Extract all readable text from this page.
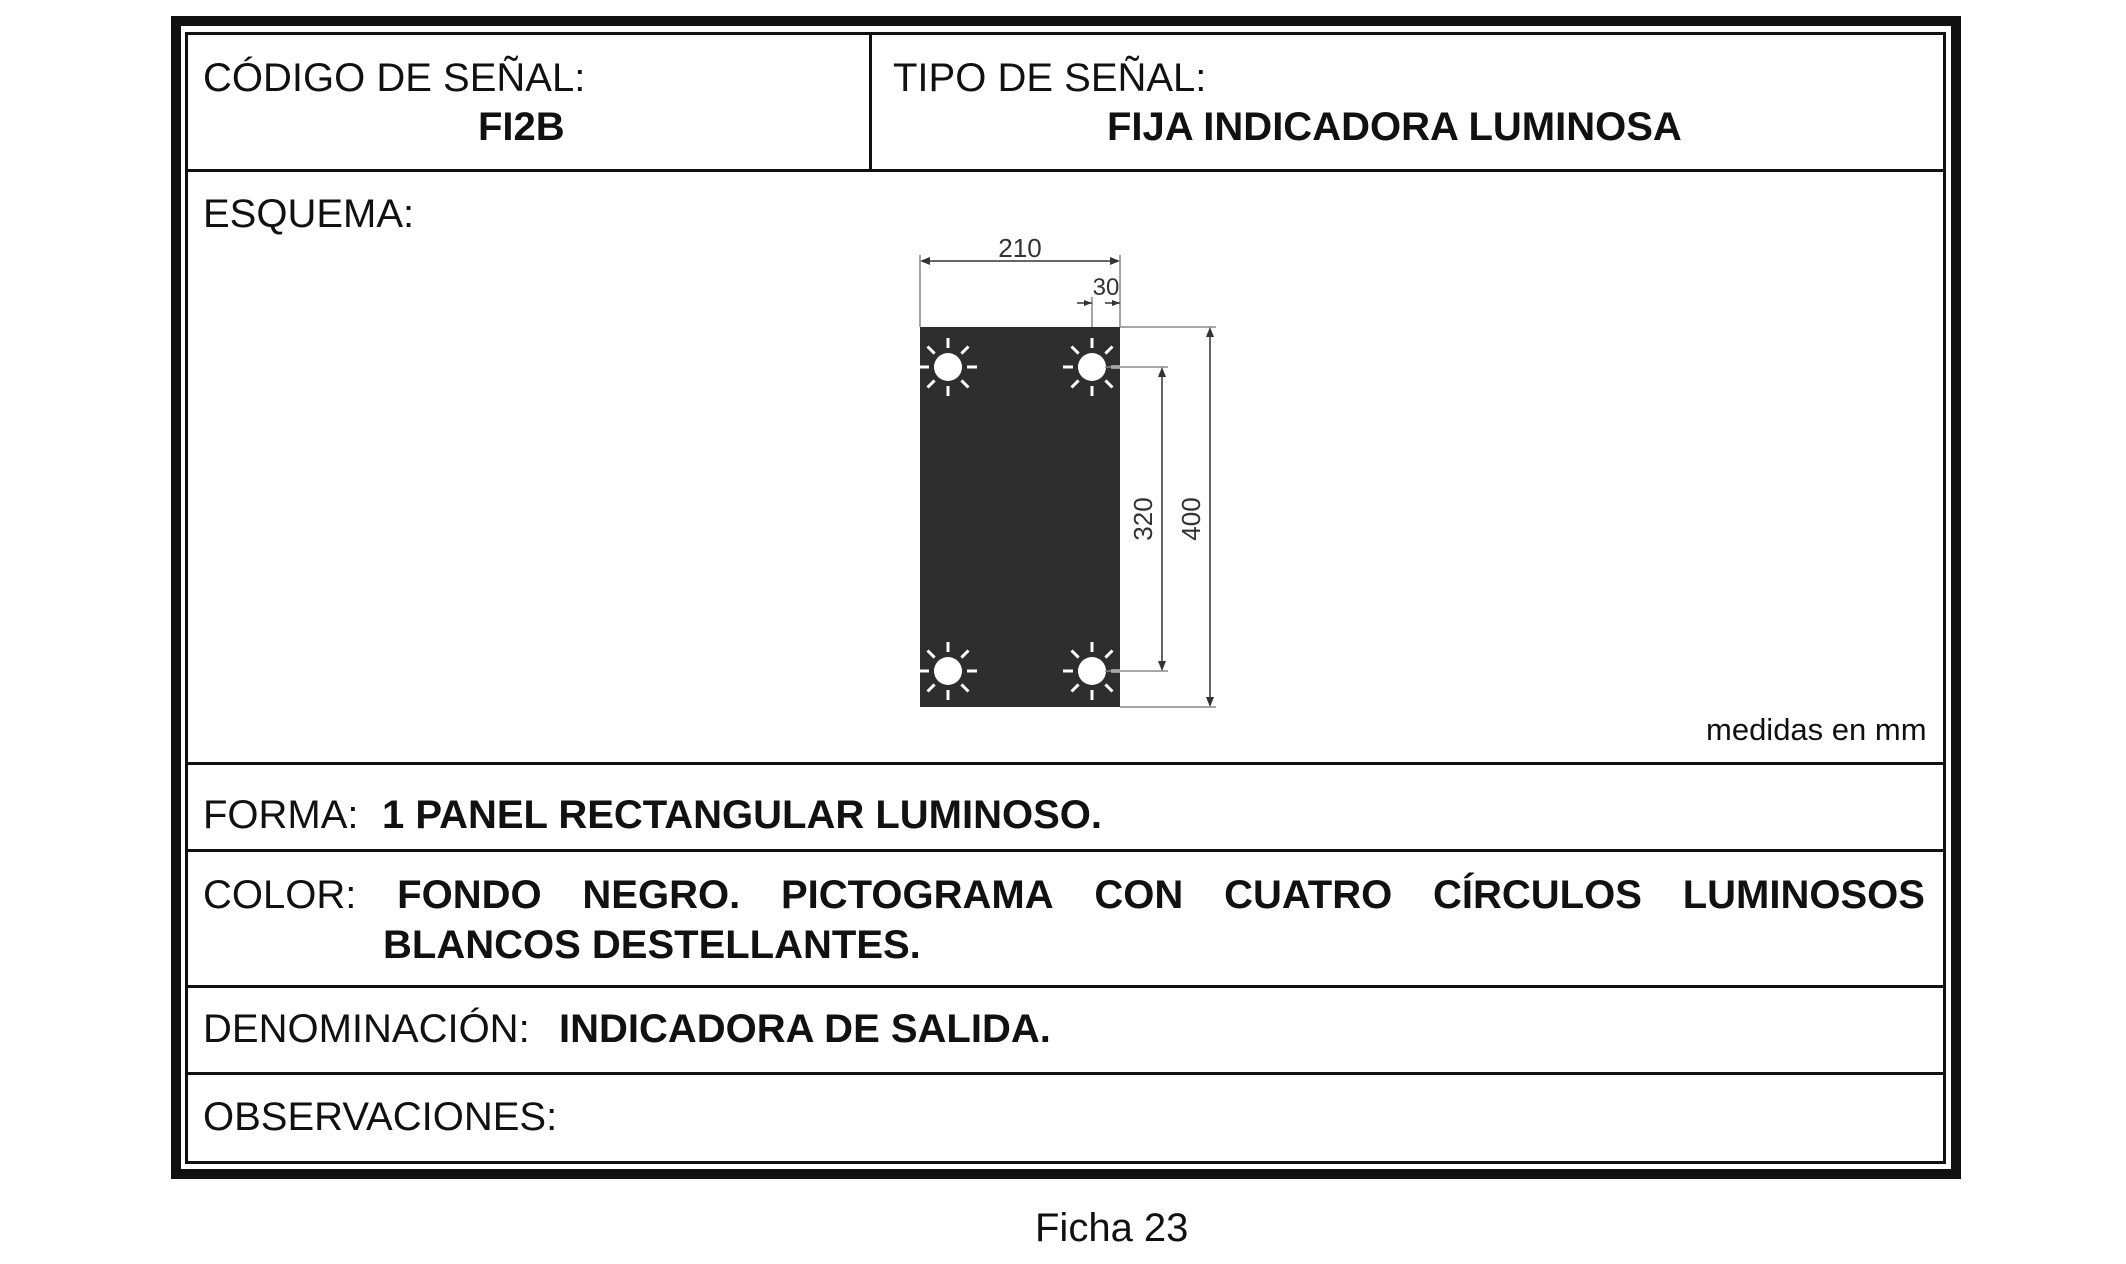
CÓDIGO DE SEÑAL:
FI2B
TIPO DE SEÑAL:
FIJA INDICADORA LUMINOSA
ESQUEMA:
210
30
320 400
medidas en mm
FORMA: 1 PANEL RECTANGULAR LUMINOSO.
COLOR: FONDO NEGRO. PICTOGRAMA CON CUATRO CÍRCULOS LUMINOSOS
BLANCOS DESTELLANTES.
DENOMINACIÓN: INDICADORA DE SALIDA.
OBSERVACIONES:
Ficha 23
